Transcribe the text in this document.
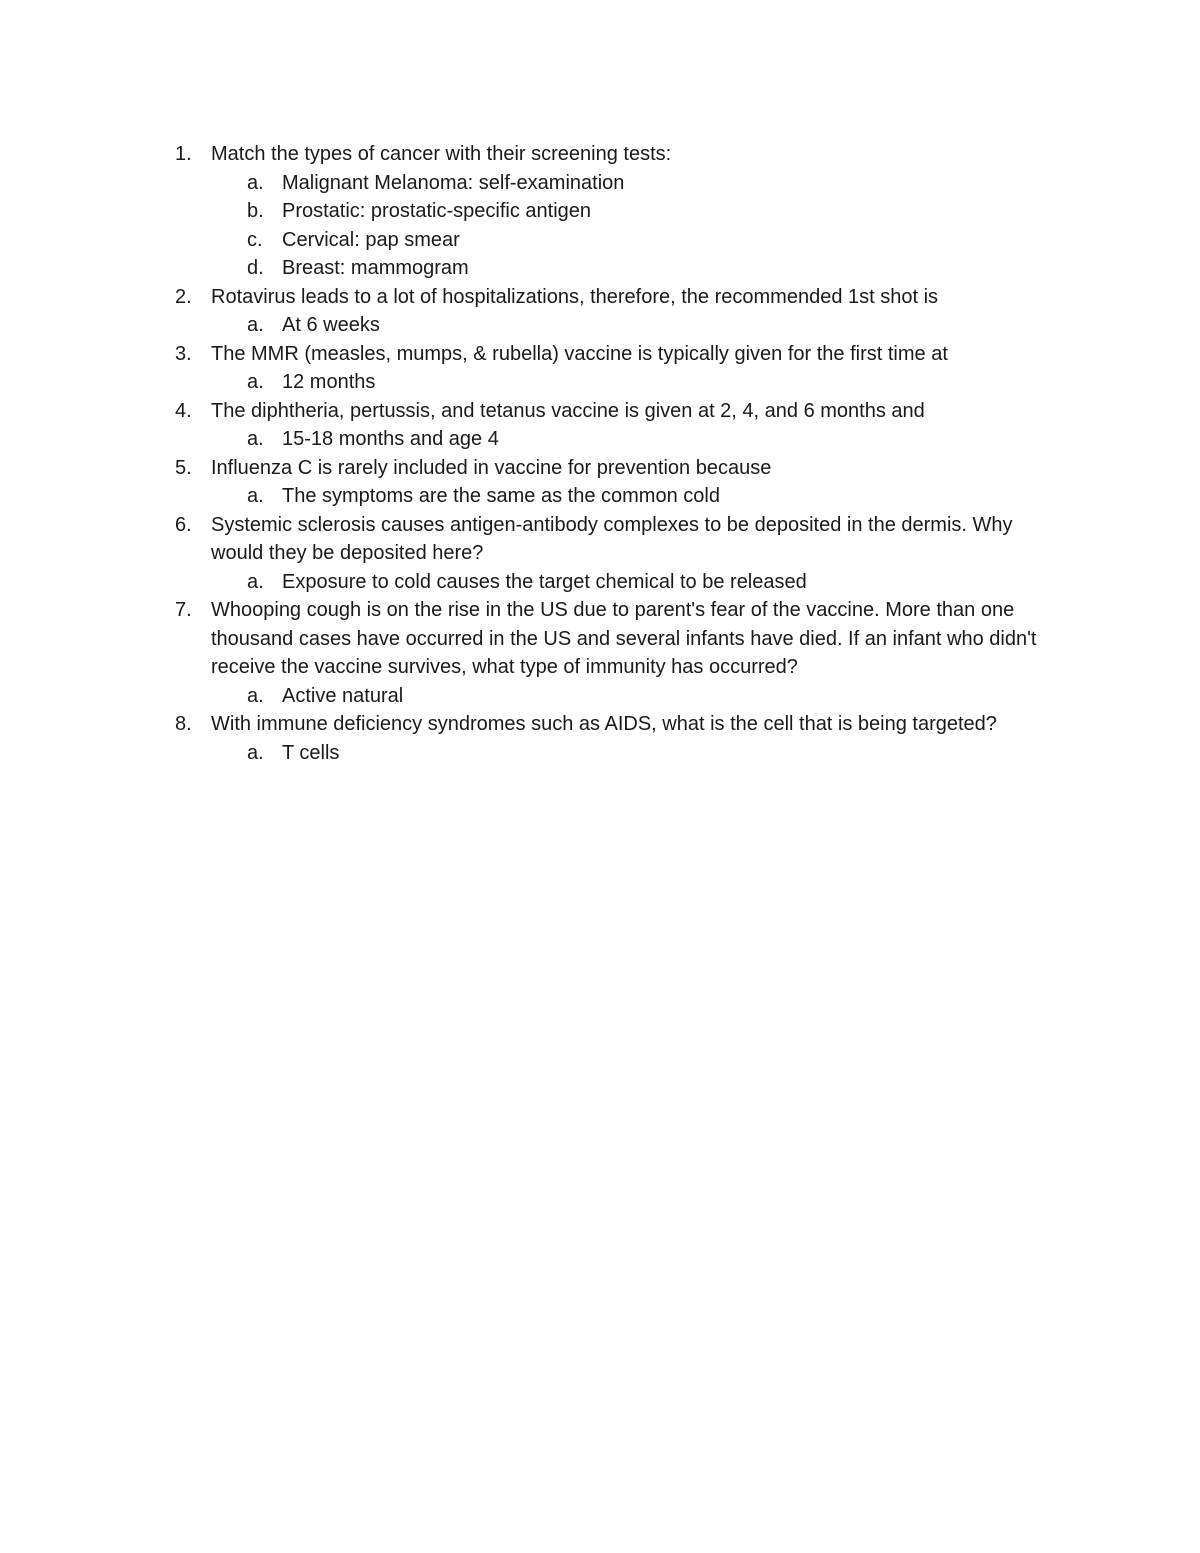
1. Match the types of cancer with their screening tests:
a. Malignant Melanoma: self-examination
b. Prostatic: prostatic-specific antigen
c. Cervical: pap smear
d. Breast: mammogram
2. Rotavirus leads to a lot of hospitalizations, therefore, the recommended 1st shot is
a. At 6 weeks
3. The MMR (measles, mumps, & rubella) vaccine is typically given for the first time at
a. 12 months
4. The diphtheria, pertussis, and tetanus vaccine is given at 2, 4, and 6 months and
a. 15-18 months and age 4
5. Influenza C is rarely included in vaccine for prevention because
a. The symptoms are the same as the common cold
6. Systemic sclerosis causes antigen-antibody complexes to be deposited in the dermis. Why would they be deposited here?
a. Exposure to cold causes the target chemical to be released
7. Whooping cough is on the rise in the US due to parent's fear of the vaccine. More than one thousand cases have occurred in the US and several infants have died. If an infant who didn't receive the vaccine survives, what type of immunity has occurred?
a. Active natural
8. With immune deficiency syndromes such as AIDS, what is the cell that is being targeted?
a. T cells
